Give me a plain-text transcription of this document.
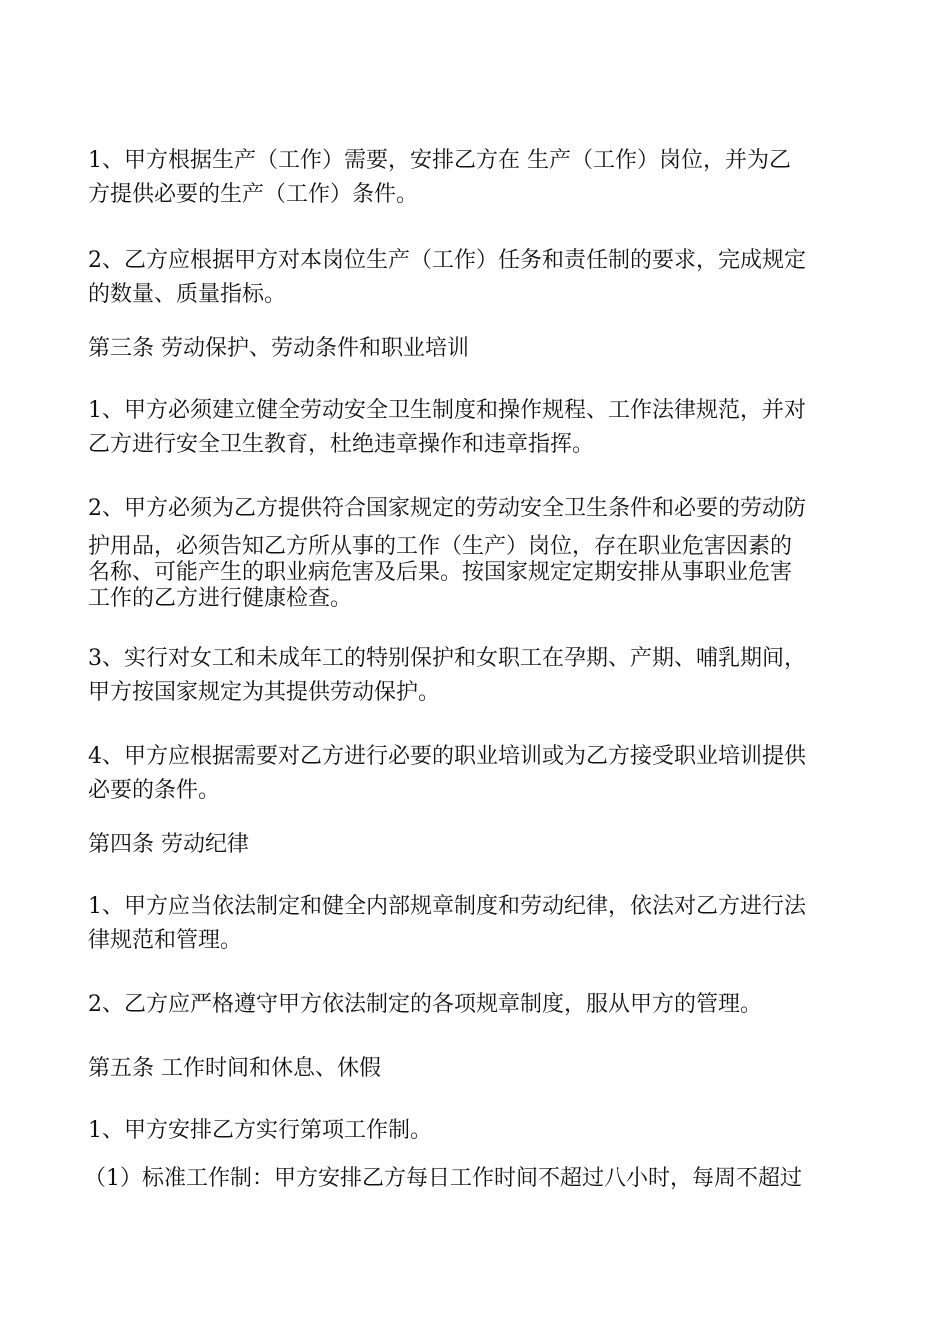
1、甲方根据生产（工作）需要，安排乙方在 生产（工作）岗位，并为乙
方提供必要的生产（工作）条件。
2、乙方应根据甲方对本岗位生产（工作）任务和责任制的要求，完成规定
的数量、质量指标。
第三条 劳动保护、劳动条件和职业培训
1、甲方必须建立健全劳动安全卫生制度和操作规程、工作法律规范，并对
乙方进行安全卫生教育，杜绝违章操作和违章指挥。
2、甲方必须为乙方提供符合国家规定的劳动安全卫生条件和必要的劳动防
护用品，必须告知乙方所从事的工作（生产）岗位，存在职业危害因素的
名称、可能产生的职业病危害及后果。按国家规定定期安排从事职业危害
工作的乙方进行健康检查。
3、实行对女工和未成年工的特别保护和女职工在孕期、产期、哺乳期间，
甲方按国家规定为其提供劳动保护。
4、甲方应根据需要对乙方进行必要的职业培训或为乙方接受职业培训提供
必要的条件。
第四条 劳动纪律
1、甲方应当依法制定和健全内部规章制度和劳动纪律，依法对乙方进行法
律规范和管理。
2、乙方应严格遵守甲方依法制定的各项规章制度，服从甲方的管理。
第五条 工作时间和休息、休假
1、甲方安排乙方实行第项工作制。
（1）标准工作制：甲方安排乙方每日工作时间不超过八小时，每周不超过
